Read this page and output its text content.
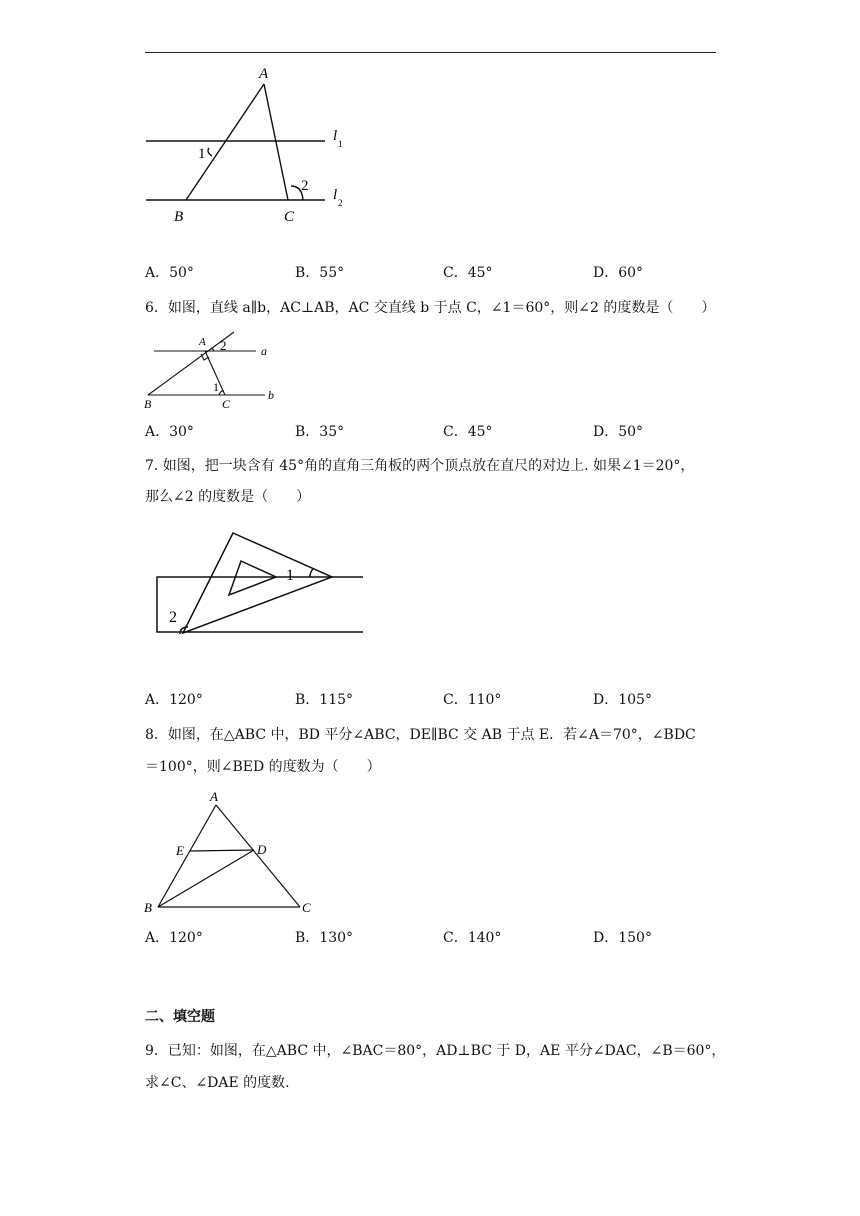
A
B	C
1
2
l 1
l 2
A．50°	B．55°	C．45°	D．60°
6．如图，直线 a∥b，AC⊥AB，AC 交直线 b 于点 C，∠1＝60°，则∠2 的度数是（　　）
A 2	a
1
B	C
b
A．30°	B．35°	C．45°	D．50°
7. 如图，把一块含有 45°角的直角三角板的两个顶点放在直尺的对边上. 如果∠1＝20°，
那么∠2 的度数是（　　）
1
2
A．120°	B．115°	C．110°	D．105°
8．如图，在△ABC 中，BD 平分∠ABC，DE∥BC 交 AB 于点 E．若∠A＝70°，∠BDC
＝100°，则∠BED 的度数为（　　）
A
E	D
B	C
A．120°	B．130°	C．140°	D．150°
二、填空题
9．已知：如图，在△ABC 中，∠BAC＝80°，AD⊥BC 于 D，AE 平分∠DAC，∠B＝60°，
求∠C、∠DAE 的度数.
